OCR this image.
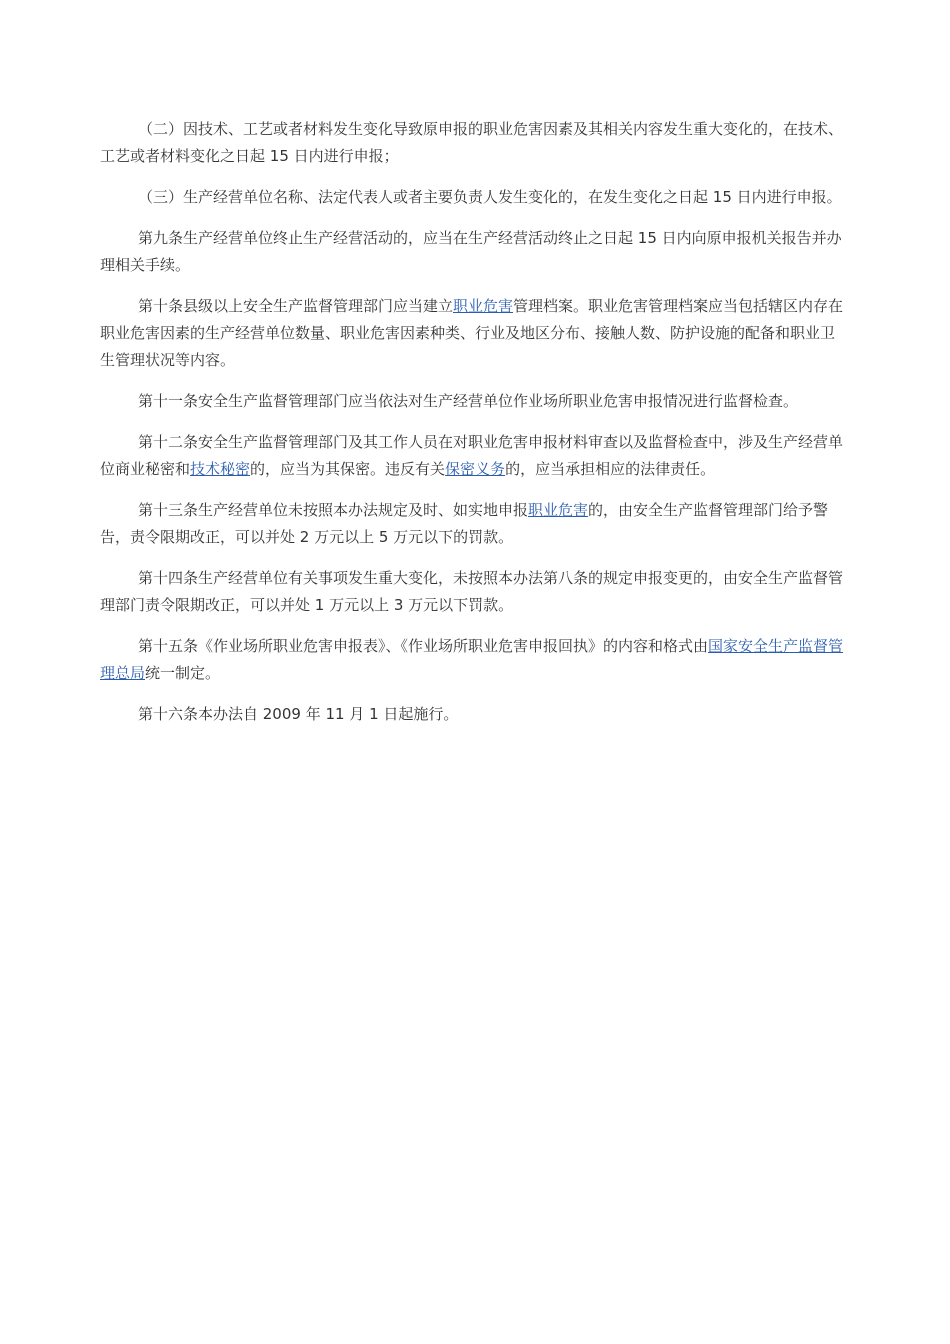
（二）因技术、工艺或者材料发生变化导致原申报的职业危害因素及其相关内容发生重大变化的，在技术、工艺或者材料变化之日起 15 日内进行申报；

（三）生产经营单位名称、法定代表人或者主要负责人发生变化的，在发生变化之日起 15 日内进行申报。

第九条生产经营单位终止生产经营活动的，应当在生产经营活动终止之日起 15 日内向原申报机关报告并办理相关手续。

第十条县级以上安全生产监督管理部门应当建立职业危害管理档案。职业危害管理档案应当包括辖区内存在职业危害因素的生产经营单位数量、职业危害因素种类、行业及地区分布、接触人数、防护设施的配备和职业卫生管理状况等内容。

第十一条安全生产监督管理部门应当依法对生产经营单位作业场所职业危害申报情况进行监督检查。

第十二条安全生产监督管理部门及其工作人员在对职业危害申报材料审查以及监督检查中，涉及生产经营单位商业秘密和技术秘密的，应当为其保密。违反有关保密义务的，应当承担相应的法律责任。

第十三条生产经营单位未按照本办法规定及时、如实地申报职业危害的，由安全生产监督管理部门给予警告，责令限期改正，可以并处 2 万元以上 5 万元以下的罚款。

第十四条生产经营单位有关事项发生重大变化，未按照本办法第八条的规定申报变更的，由安全生产监督管理部门责令限期改正，可以并处 1 万元以上 3 万元以下罚款。

第十五条《作业场所职业危害申报表》、《作业场所职业危害申报回执》的内容和格式由国家安全生产监督管理总局统一制定。

第十六条本办法自 2009 年 11 月 1 日起施行。
